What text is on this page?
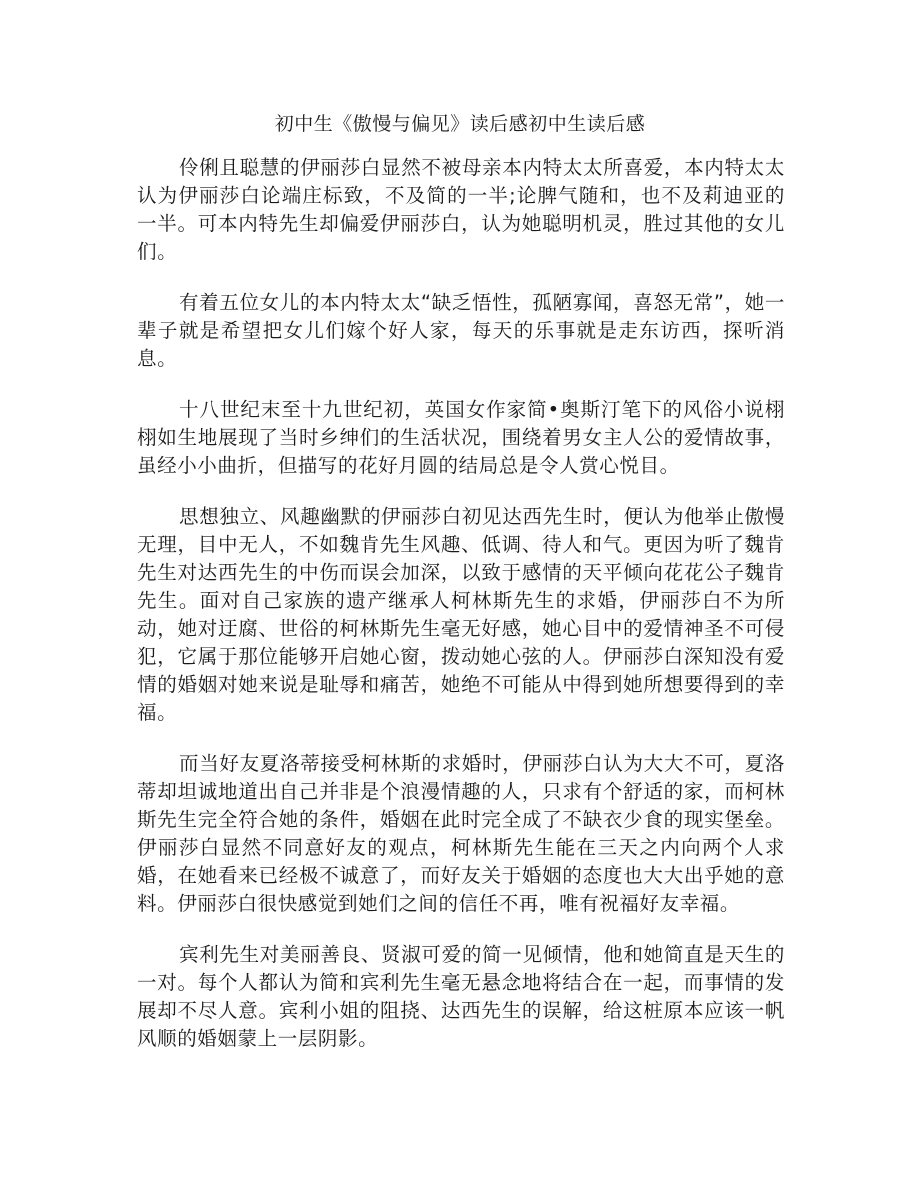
初中生《傲慢与偏见》读后感初中生读后感

伶俐且聪慧的伊丽莎白显然不被母亲本内特太太所喜爱，本内特太太认为伊丽莎白论端庄标致，不及简的一半;论脾气随和，也不及莉迪亚的一半。可本内特先生却偏爱伊丽莎白，认为她聪明机灵，胜过其他的女儿们。

有着五位女儿的本内特太太“缺乏悟性，孤陋寡闻，喜怒无常”，她一辈子就是希望把女儿们嫁个好人家，每天的乐事就是走东访西，探听消息。

十八世纪末至十九世纪初，英国女作家简•奥斯汀笔下的风俗小说栩栩如生地展现了当时乡绅们的生活状况，围绕着男女主人公的爱情故事，虽经小小曲折，但描写的花好月圆的结局总是令人赏心悦目。

思想独立、风趣幽默的伊丽莎白初见达西先生时，便认为他举止傲慢无理，目中无人，不如魏肯先生风趣、低调、待人和气。更因为听了魏肯先生对达西先生的中伤而误会加深，以致于感情的天平倾向花花公子魏肯先生。面对自己家族的遗产继承人柯林斯先生的求婚，伊丽莎白不为所动，她对迂腐、世俗的柯林斯先生毫无好感，她心目中的爱情神圣不可侵犯，它属于那位能够开启她心窗，拨动她心弦的人。伊丽莎白深知没有爱情的婚姻对她来说是耻辱和痛苦，她绝不可能从中得到她所想要得到的幸福。

而当好友夏洛蒂接受柯林斯的求婚时，伊丽莎白认为大大不可，夏洛蒂却坦诚地道出自己并非是个浪漫情趣的人，只求有个舒适的家，而柯林斯先生完全符合她的条件，婚姻在此时完全成了不缺衣少食的现实堡垒。伊丽莎白显然不同意好友的观点，柯林斯先生能在三天之内向两个人求婚，在她看来已经极不诚意了，而好友关于婚姻的态度也大大出乎她的意料。伊丽莎白很快感觉到她们之间的信任不再，唯有祝福好友幸福。

宾利先生对美丽善良、贤淑可爱的简一见倾情，他和她简直是天生的一对。每个人都认为简和宾利先生毫无悬念地将结合在一起，而事情的发展却不尽人意。宾利小姐的阻挠、达西先生的误解，给这桩原本应该一帆风顺的婚姻蒙上一层阴影。
